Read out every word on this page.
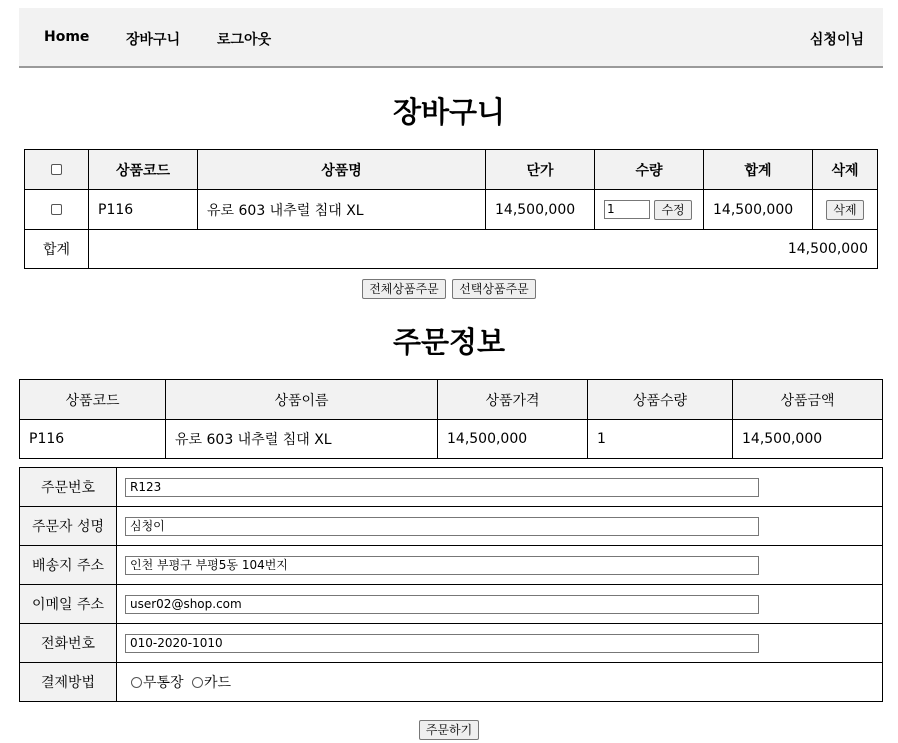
Home	장바구니	로그아웃	심청이님
장바구니
	상품코드	상품명	단가	수량	합계	삭제
	P116	유로 603 내추럴 침대 XL	14,500,000	1 수정	14,500,000	삭제
합계	14,500,000					
전체상품주문 선택상품주문
주문정보
상품코드	상품이름	상품가격	상품수량	상품금액
P116	유로 603 내추럴 침대 XL	14,500,000	1	14,500,000
주문번호	R123
주문자 성명	심청이
배송지 주소	인천 부평구 부평5동 104번지
이메일 주소	user02@shop.com
전화번호	010-2020-1010
결제방법	무통장 카드
주문하기
